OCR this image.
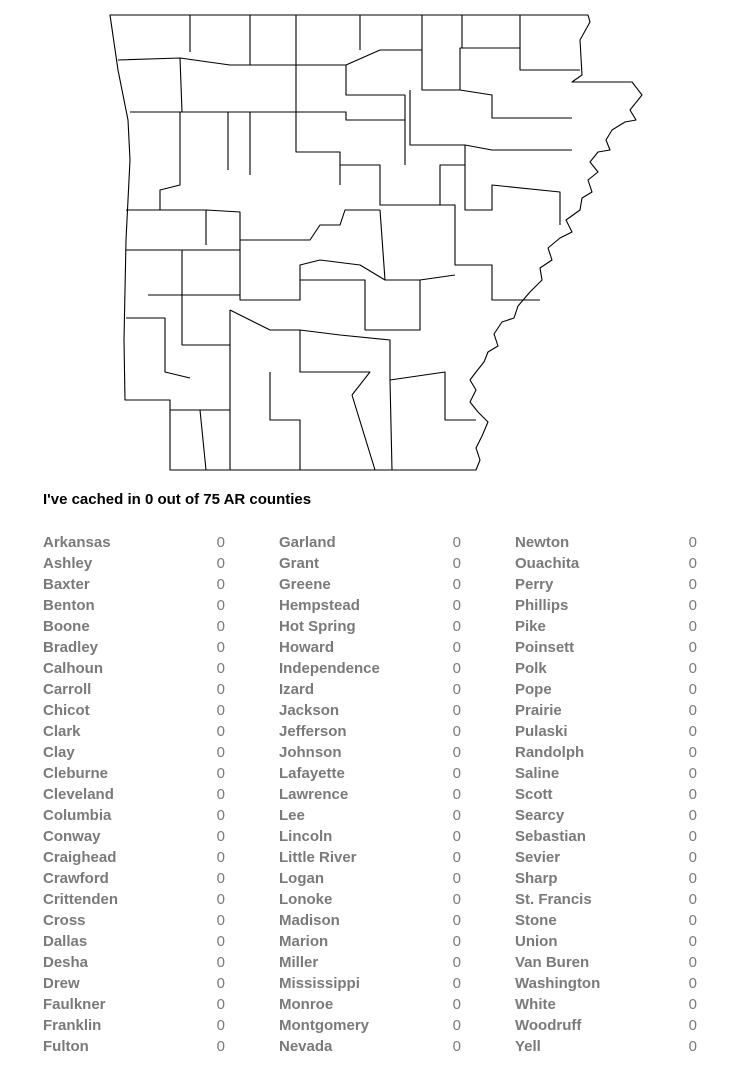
I've cached in 0 out of 75 AR counties
Arkansas	0
Ashley	0
Baxter	0
Benton	0
Boone	0
Bradley	0
Calhoun	0
Carroll	0
Chicot	0
Clark	0
Clay	0
Cleburne	0
Cleveland	0
Columbia	0
Conway	0
Craighead	0
Crawford	0
Crittenden	0
Cross	0
Dallas	0
Desha	0
Drew	0
Faulkner	0
Franklin	0
Fulton	0
Garland	0
Grant	0
Greene	0
Hempstead	0
Hot Spring	0
Howard	0
Independence	0
Izard	0
Jackson	0
Jefferson	0
Johnson	0
Lafayette	0
Lawrence	0
Lee	0
Lincoln	0
Little River	0
Logan	0
Lonoke	0
Madison	0
Marion	0
Miller	0
Mississippi	0
Monroe	0
Montgomery	0
Nevada	0
Newton	0
Ouachita	0
Perry	0
Phillips	0
Pike	0
Poinsett	0
Polk	0
Pope	0
Prairie	0
Pulaski	0
Randolph	0
Saline	0
Scott	0
Searcy	0
Sebastian	0
Sevier	0
Sharp	0
St. Francis	0
Stone	0
Union	0
Van Buren	0
Washington	0
White	0
Woodruff	0
Yell	0
